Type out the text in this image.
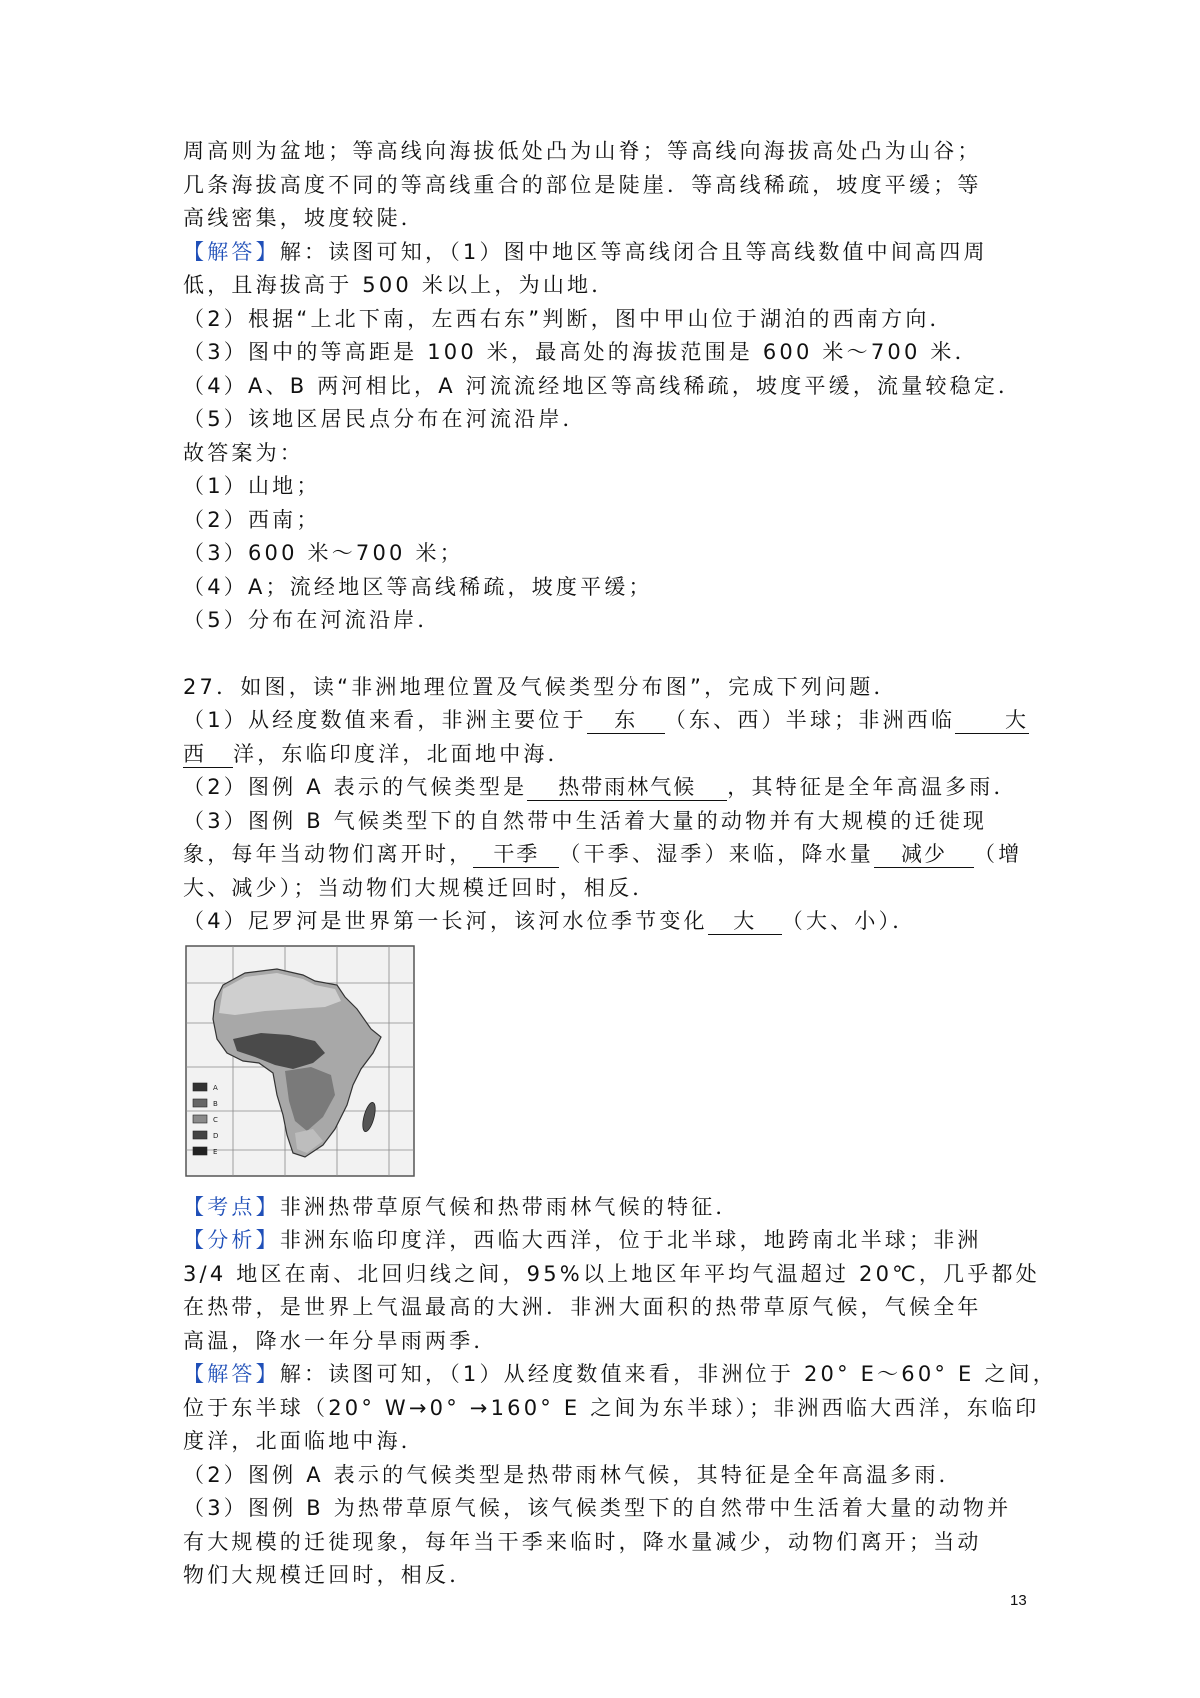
周高则为盆地；等高线向海拔低处凸为山脊；等高线向海拔高处凸为山谷；
几条海拔高度不同的等高线重合的部位是陡崖．等高线稀疏，坡度平缓；等
高线密集，坡度较陡．
【解答】解：读图可知，（1）图中地区等高线闭合且等高线数值中间高四周
低，且海拔高于 500 米以上，为山地．
（2）根据“上北下南，左西右东”判断，图中甲山位于湖泊的西南方向．
（3）图中的等高距是 100 米，最高处的海拔范围是 600 米～700 米．
（4）A、B 两河相比，A 河流流经地区等高线稀疏，坡度平缓，流量较稳定．
（5）该地区居民点分布在河流沿岸．
故答案为：
（1）山地；
（2）西南；
（3）600 米～700 米；
（4）A；流经地区等高线稀疏，坡度平缓；
（5）分布在河流沿岸．
27．如图，读“非洲地理位置及气候类型分布图”，完成下列问题．
（1）从经度数值来看，非洲主要位于 东 （东、西）半球；非洲西临 大
西 洋，东临印度洋，北面地中海．
（2）图例 A 表示的气候类型是 热带雨林气候 ，其特征是全年高温多雨．
（3）图例 B 气候类型下的自然带中生活着大量的动物并有大规模的迁徙现
象，每年当动物们离开时， 干季 （干季、湿季）来临，降水量 减少 （增
大、减少）；当动物们大规模迁回时，相反．
（4）尼罗河是世界第一长河，该河水位季节变化 大 （大、小）．
A
B
C
D
E
【考点】非洲热带草原气候和热带雨林气候的特征．
【分析】非洲东临印度洋，西临大西洋，位于北半球，地跨南北半球；非洲
3/4 地区在南、北回归线之间，95%以上地区年平均气温超过 20℃，几乎都处
在热带，是世界上气温最高的大洲．非洲大面积的热带草原气候，气候全年
高温，降水一年分旱雨两季．
【解答】解：读图可知，（1）从经度数值来看，非洲位于 20° E～60° E 之间，
位于东半球（20° W→0° →160° E 之间为东半球）；非洲西临大西洋，东临印
度洋，北面临地中海．
（2）图例 A 表示的气候类型是热带雨林气候，其特征是全年高温多雨．
（3）图例 B 为热带草原气候，该气候类型下的自然带中生活着大量的动物并
有大规模的迁徙现象，每年当干季来临时，降水量减少，动物们离开；当动
物们大规模迁回时，相反．
13
